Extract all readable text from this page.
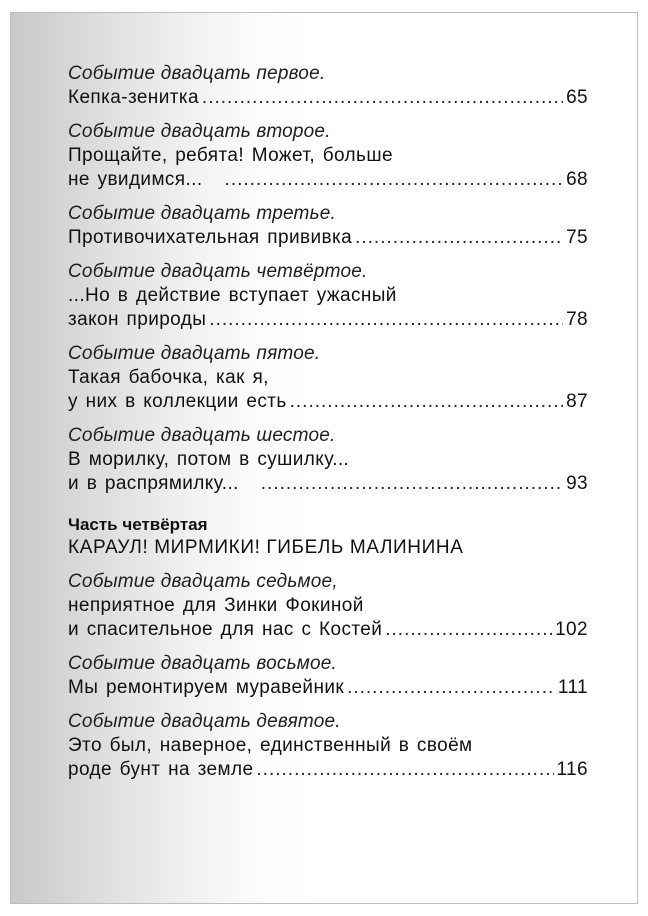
Событие двадцать первое.
Кепка-зенитка .....	65
Событие двадцать второе.
Прощайте, ребята! Может, больше
не увидимся... .....	68
Событие двадцать третье.
Противочихательная прививка .....	75
Событие двадцать четвёртое.
...Но в действие вступает ужасный
закон природы .....	78
Событие двадцать пятое.
Такая бабочка, как я,
у них в коллекции есть .....	87
Событие двадцать шестое.
В морилку, потом в сушилку...
и в распрямилку... .....	93
Часть четвёртая
КАРАУЛ! МИРМИКИ! ГИБЕЛЬ МАЛИНИНА
Событие двадцать седьмое,
неприятное для Зинки Фокиной
и спасительное для нас с Костей .....	102
Событие двадцать восьмое.
Мы ремонтируем муравейник .....	111
Событие двадцать девятое.
Это был, наверное, единственный в своём
роде бунт на земле .....	116
